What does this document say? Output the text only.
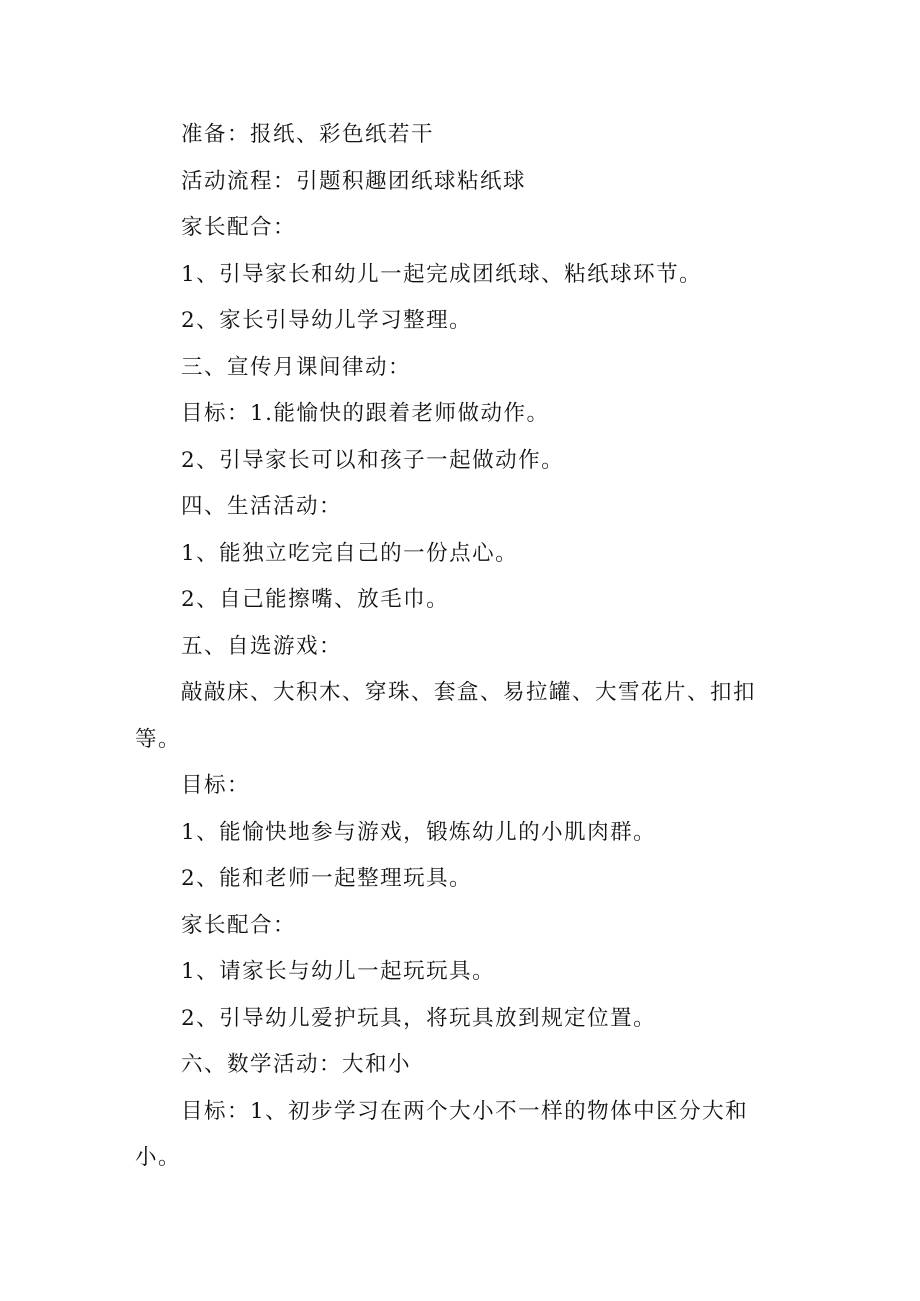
准备：报纸、彩色纸若干

活动流程：引题积趣团纸球粘纸球

家长配合：

1、引导家长和幼儿一起完成团纸球、粘纸球环节。

2、家长引导幼儿学习整理。

三、宣传月课间律动：

目标：1.能愉快的跟着老师做动作。

2、引导家长可以和孩子一起做动作。

四、生活活动：

1、能独立吃完自己的一份点心。

2、自己能擦嘴、放毛巾。

五、自选游戏：

敲敲床、大积木、穿珠、套盒、易拉罐、大雪花片、扣扣等。

目标：

1、能愉快地参与游戏，锻炼幼儿的小肌肉群。

2、能和老师一起整理玩具。

家长配合：

1、请家长与幼儿一起玩玩具。

2、引导幼儿爱护玩具，将玩具放到规定位置。

六、数学活动：大和小

目标：1、初步学习在两个大小不一样的物体中区分大和小。
